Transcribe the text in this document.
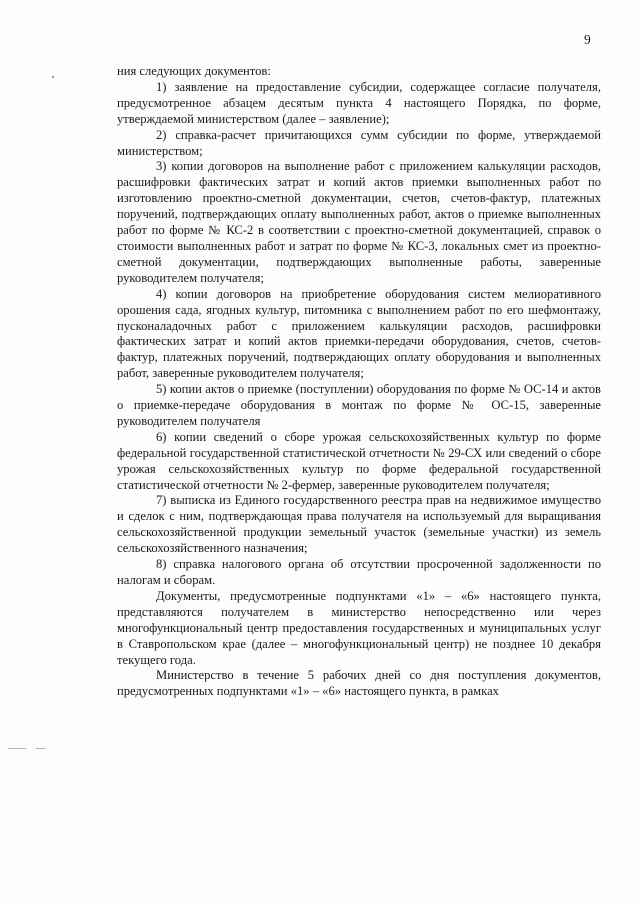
9

ния следующих документов:

1) заявление на предоставление субсидии, содержащее согласие получателя, предусмотренное абзацем десятым пункта 4 настоящего Порядка, по форме, утверждаемой министерством (далее – заявление);

2) справка-расчет причитающихся сумм субсидии по форме, утверждаемой министерством;

3) копии договоров на выполнение работ с приложением калькуляции расходов, расшифровки фактических затрат и копий актов приемки выполненных работ по изготовлению проектно-сметной документации, счетов, счетов-фактур, платежных поручений, подтверждающих оплату выполненных работ, актов о приемке выполненных работ по форме № КС-2 в соответствии с проектно-сметной документацией, справок о стоимости выполненных работ и затрат по форме № КС-3, локальных смет из проектно-сметной документации, подтверждающих выполненные работы, заверенные руководителем получателя;

4) копии договоров на приобретение оборудования систем мелиоративного орошения сада, ягодных культур, питомника с выполнением работ по его шефмонтажу, пусконаладочных работ с приложением калькуляции расходов, расшифровки фактических затрат и копий актов приемки-передачи оборудования, счетов, счетов-фактур, платежных поручений, подтверждающих оплату оборудования и выполненных работ, заверенные руководителем получателя;

5) копии актов о приемке (поступлении) оборудования по форме № ОС-14 и актов о приемке-передаче оборудования в монтаж по форме № ОС-15, заверенные руководителем получателя

6) копии сведений о сборе урожая сельскохозяйственных культур по форме федеральной государственной статистической отчетности № 29-СХ или сведений о сборе урожая сельскохозяйственных культур по форме федеральной государственной статистической отчетности № 2-фермер, заверенные руководителем получателя;

7) выписка из Единого государственного реестра прав на недвижимое имущество и сделок с ним, подтверждающая права получателя на используемый для выращивания сельскохозяйственной продукции земельный участок (земельные участки) из земель сельскохозяйственного назначения;

8) справка налогового органа об отсутствии просроченной задолженности по налогам и сборам.

Документы, предусмотренные подпунктами «1» – «6» настоящего пункта, представляются получателем в министерство непосредственно или через многофункциональный центр предоставления государственных и муниципальных услуг в Ставропольском крае (далее – многофункциональный центр) не позднее 10 декабря текущего года.

Министерство в течение 5 рабочих дней со дня поступления документов, предусмотренных подпунктами «1» – «6» настоящего пункта, в рамках
